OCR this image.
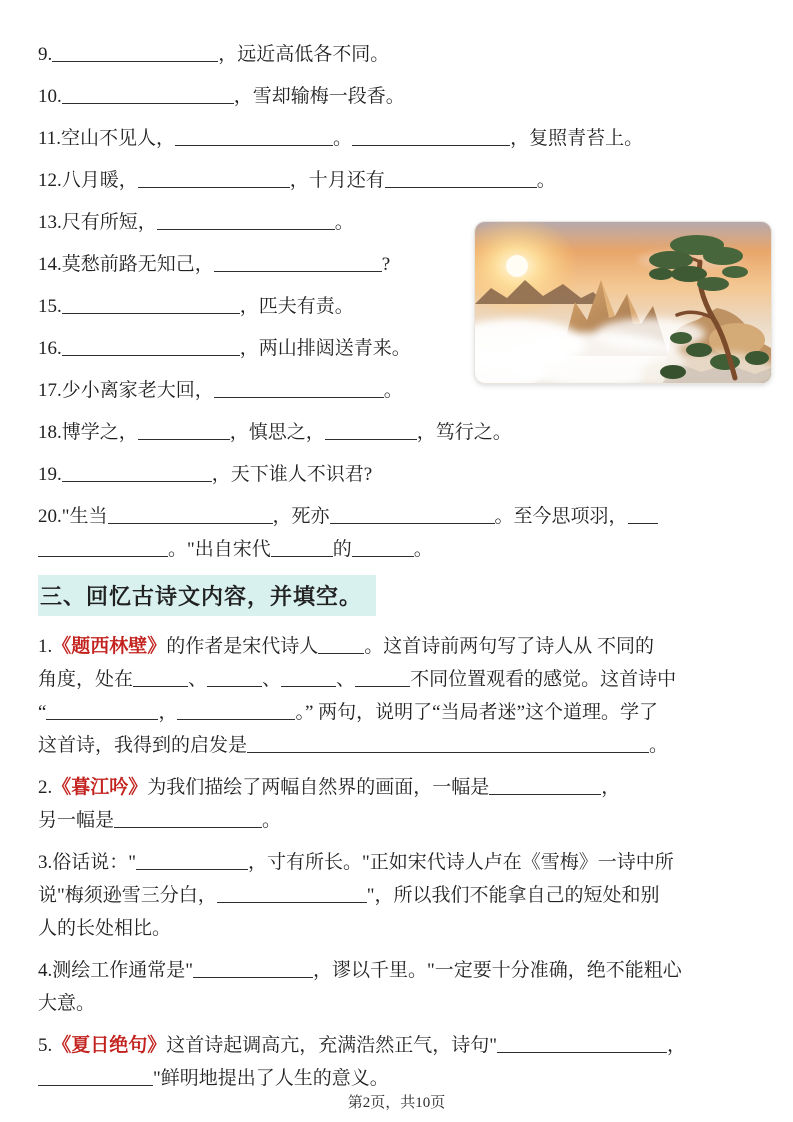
9.	，远近高低各不同。
10.	，雪却输梅一段香。
11.空山不见人，	。	，复照青苔上。
12.八月暖，	，十月还有	。
13.尺有所短，	。
14.莫愁前路无知己，	?
15.	，匹夫有责。
16.	，两山排闼送青来。
17.少小离家老大回，	。
18.博学之，	，慎思之，	，笃行之。
19.	，天下谁人不识君?
20."生当	，死亦	。至今思项羽，
。"出自宋代	的	。
三、回忆古诗文内容，并填空。
1.《题西林壁》的作者是宋代诗人 。这首诗前两句写了诗人从 不同的
角度，处在	、	、	、	不同位置观看的感觉。这首诗中
“	，	。” 两句，说明了“当局者迷”这个道理。学了
这首诗，我得到的启发是	。
2.《暮江吟》为我们描绘了两幅自然界的画面，一幅是	，
另一幅是	。
3.俗话说："	，寸有所长。"正如宋代诗人卢在《雪梅》一诗中所
说"梅须逊雪三分白，	"，所以我们不能拿自己的短处和别
人的长处相比。
4.测绘工作通常是"	，谬以千里。"一定要十分准确，绝不能粗心
大意。
5.《夏日绝句》这首诗起调高亢，充满浩然正气，诗句"	，
"鲜明地提出了人生的意义。
第2页，共10页
